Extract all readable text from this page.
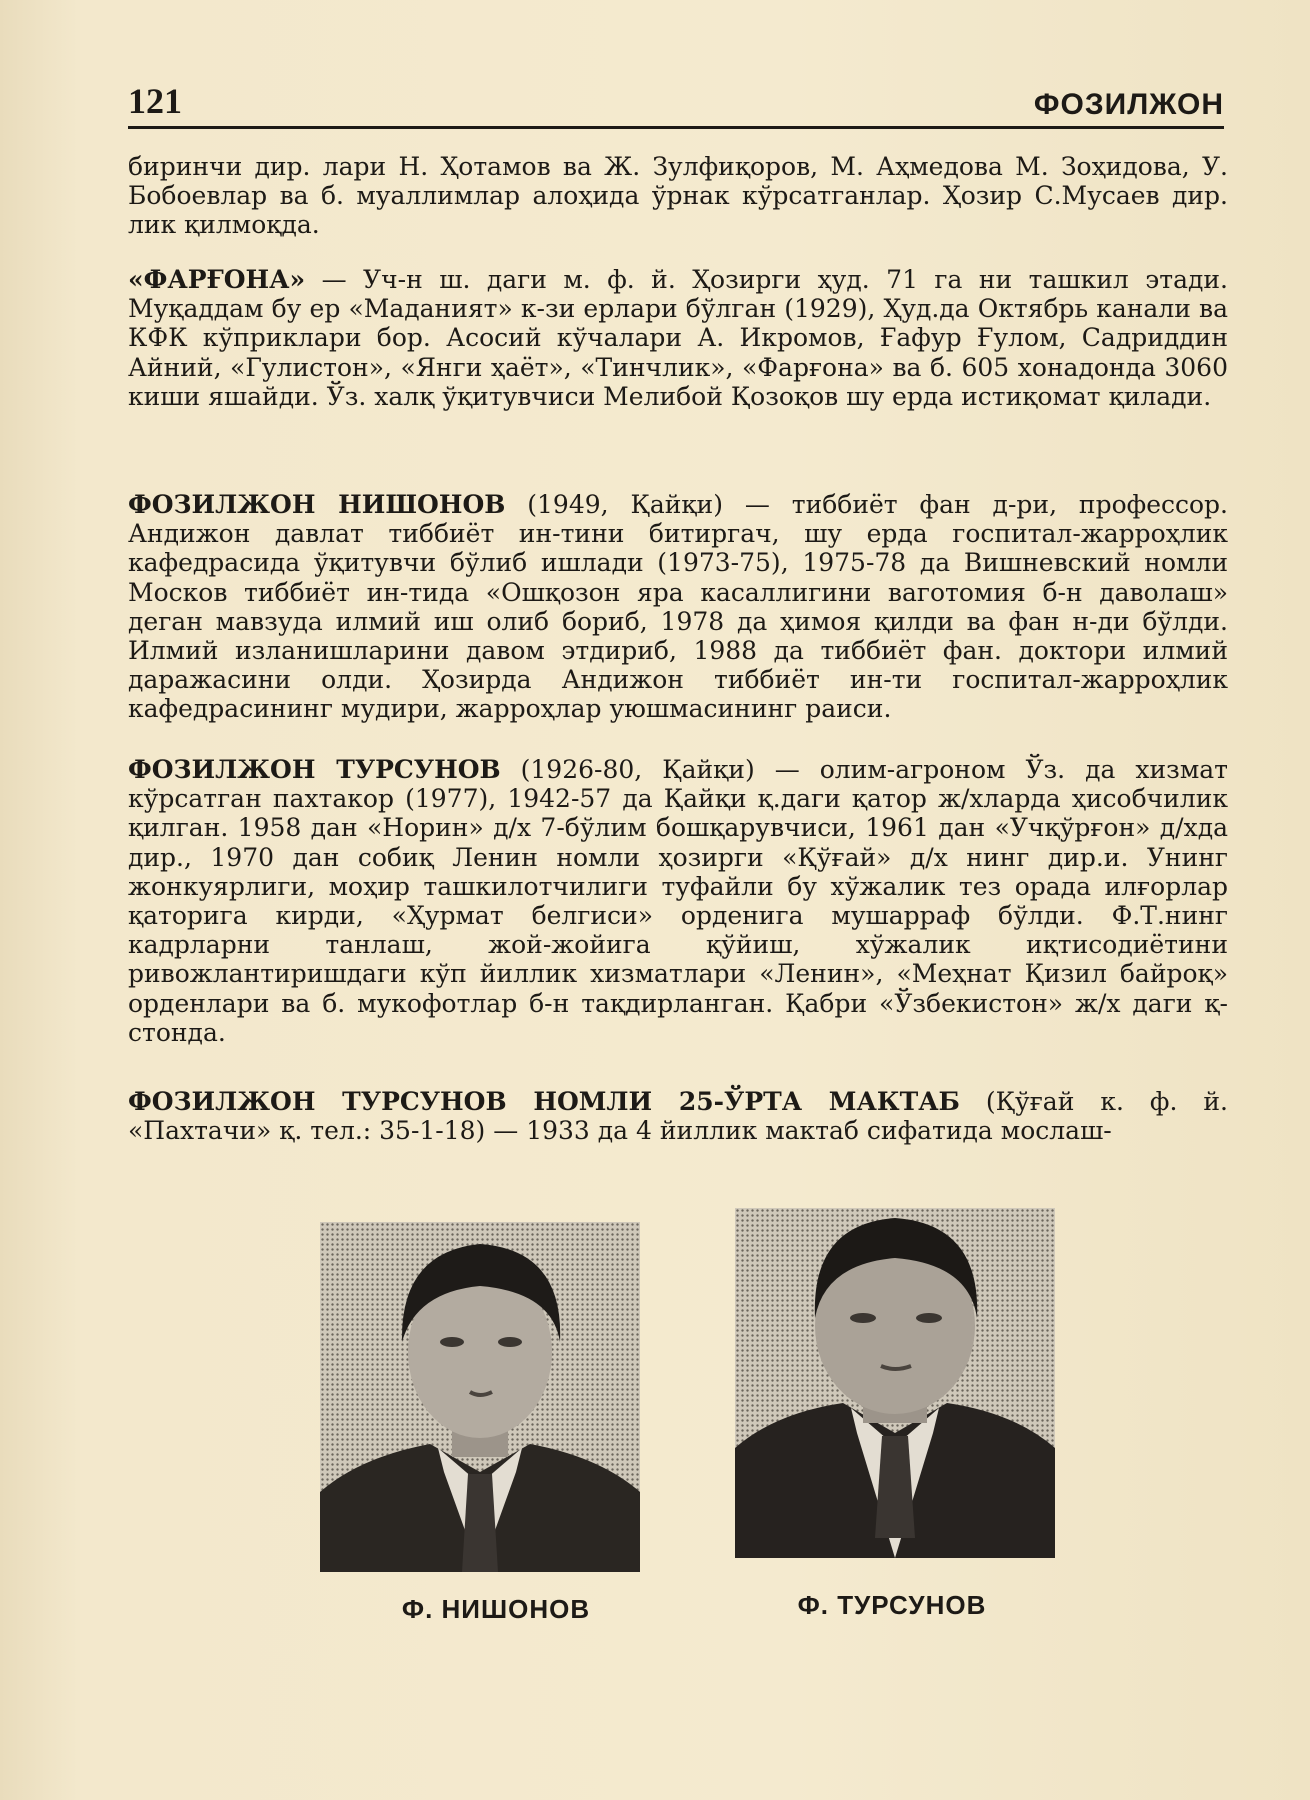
121	ФОЗИЛЖОН

биринчи дир. лари Н. Ҳотамов ва Ж. Зулфиқоров, М. Аҳмедова М. Зоҳидова, У. Бобоевлар ва б. муаллимлар алоҳида ўрнак кўрсатганлар. Ҳозир С.Мусаев дир. лик қилмоқда.

«ФАРҒОНА» — Уч-н ш. даги м. ф. й. Ҳозирги ҳуд. 71 га ни ташкил этади. Муқаддам бу ер «Маданият» к-зи ерлари бўлган (1929), Ҳуд.да Октябрь канали ва КФК кўприклари бор. Асосий кўчалари А. Икромов, Ғафур Ғулом, Садриддин Айний, «Гулистон», «Янги ҳаёт», «Тинчлик», «Фарғона» ва б. 605 хонадонда 3060 киши яшайди. Ўз. халқ ўқитувчиси Мелибой Қозоқов шу ерда истиқомат қилади.

ФОЗИЛЖОН НИШОНОВ (1949, Қайқи) — тиббиёт фан д-ри, профессор. Андижон давлат тиббиёт ин-тини битиргач, шу ерда госпитал-жарроҳлик кафедрасида ўқитувчи бўлиб ишлади (1973-75), 1975-78 да Вишневский номли Москов тиббиёт ин-тида «Ошқозон яра касаллигини ваготомия б-н даволаш» деган мавзуда илмий иш олиб бориб, 1978 да ҳимоя қилди ва фан н-ди бўлди. Илмий изланишларини давом этдириб, 1988 да тиббиёт фан. доктори илмий даражасини олди. Ҳозирда Андижон тиббиёт ин-ти госпитал-жарроҳлик кафедрасининг мудири, жарроҳлар уюшмасининг раиси.

ФОЗИЛЖОН ТУРСУНОВ (1926-80, Қайқи) — олим-агроном Ўз. да хизмат кўрсатган пахтакор (1977), 1942-57 да Қайқи қ.даги қатор ж/хларда ҳисобчилик қилган. 1958 дан «Норин» д/х 7-бўлим бошқарувчиси, 1961 дан «Учқўрғон» д/хда дир., 1970 дан собиқ Ленин номли ҳозирги «Қўғай» д/х нинг дир.и. Унинг жонкуярлиги, моҳир ташкилотчилиги туфайли бу хўжалик тез орада илғорлар қаторига кирди, «Ҳурмат белгиси» орденига мушарраф бўлди. Ф.Т.нинг кадрларни танлаш, жой-жойига қўйиш, хўжалик иқтисодиётини ривожлантиришдаги кўп йиллик хизматлари «Ленин», «Меҳнат Қизил байроқ» орденлари ва б. мукофотлар б-н тақдирланган. Қабри «Ўзбекистон» ж/х даги қ-стонда.

ФОЗИЛЖОН ТУРСУНОВ НОМЛИ 25-ЎРТА МАКТАБ (Қўғай к. ф. й. «Пахтачи» қ. тел.: 35-1-18) — 1933 да 4 йиллик мактаб сифатида мослаш-

Ф. НИШОНОВ	Ф. ТУРСУНОВ
